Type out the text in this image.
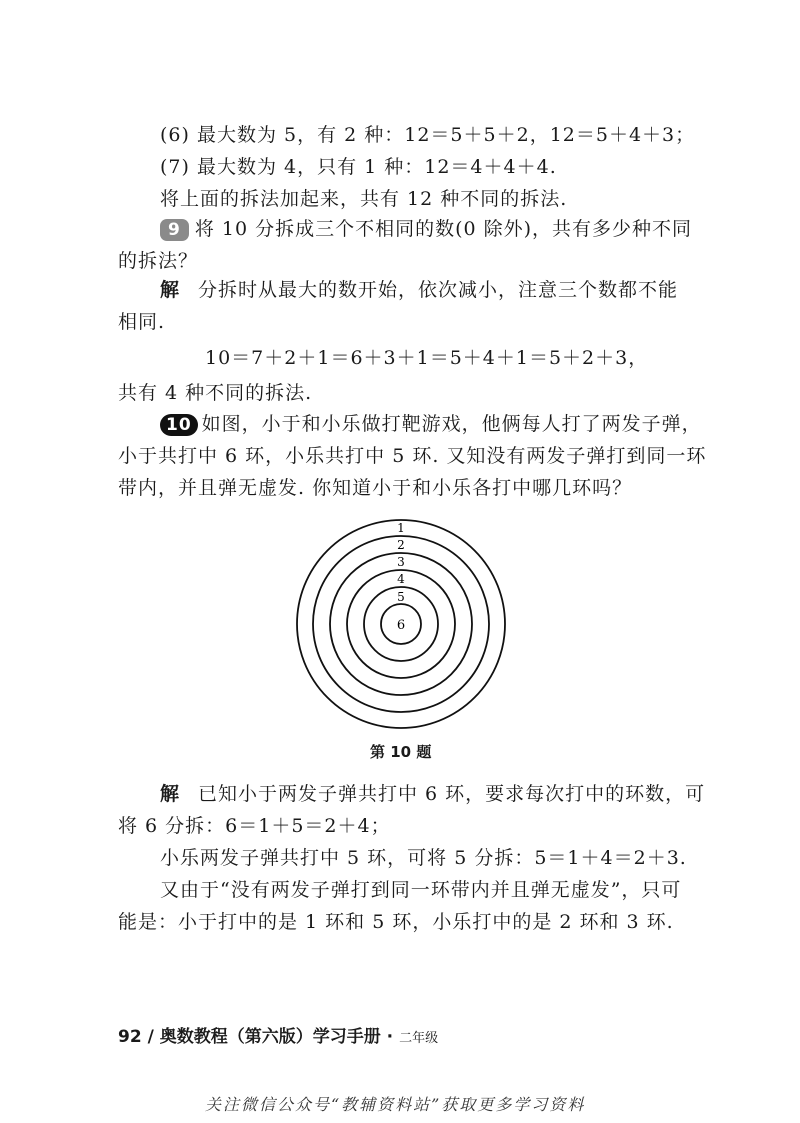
(6) 最大数为 5，有 2 种：12＝5＋5＋2，12＝5＋4＋3；
(7) 最大数为 4，只有 1 种：12＝4＋4＋4.
将上面的拆法加起来，共有 12 种不同的拆法.
9 将 10 分拆成三个不相同的数(0 除外)，共有多少种不同
的拆法？
解 分拆时从最大的数开始，依次减小，注意三个数都不能
相同.
10＝7＋2＋1＝6＋3＋1＝5＋4＋1＝5＋2＋3，
共有 4 种不同的拆法.
10 如图，小于和小乐做打靶游戏，他俩每人打了两发子弹，
小于共打中 6 环，小乐共打中 5 环. 又知没有两发子弹打到同一环
带内，并且弹无虚发. 你知道小于和小乐各打中哪几环吗？
1
2
3
4
5
6
第 10 题
解 已知小于两发子弹共打中 6 环，要求每次打中的环数，可
将 6 分拆：6＝1＋5＝2＋4；
小乐两发子弹共打中 5 环，可将 5 分拆：5＝1＋4＝2＋3.
又由于“没有两发子弹打到同一环带内并且弹无虚发”，只可
能是：小于打中的是 1 环和 5 环，小乐打中的是 2 环和 3 环.
92 / 奥数教程（第六版）学习手册 · 二年级
关注微信公众号“教辅资料站”获取更多学习资料
